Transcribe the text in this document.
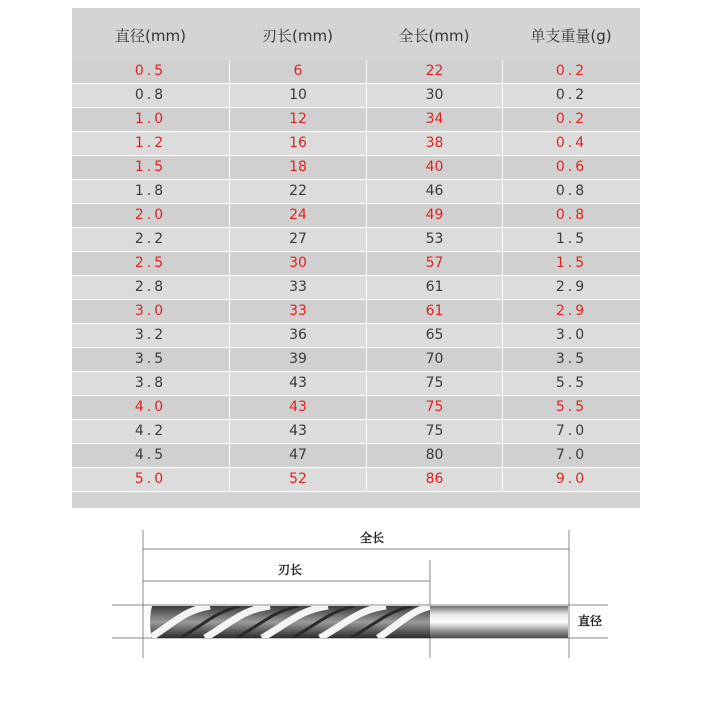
直径(mm)	刃长(mm)	全长(mm)	单支重量(g)
0.5	6	22	0.2
0.8	10	30	0.2
1.0	12	34	0.2
1.2	16	38	0.4
1.5	18	40	0.6
1.8	22	46	0.8
2.0	24	49	0.8
2.2	27	53	1.5
2.5	30	57	1.5
2.8	33	61	2.9
3.0	33	61	2.9
3.2	36	65	3.0
3.5	39	70	3.5
3.8	43	75	5.5
4.0	43	75	5.5
4.2	43	75	7.0
4.5	47	80	7.0
5.0	52	86	9.0
全长
刃长
直径
